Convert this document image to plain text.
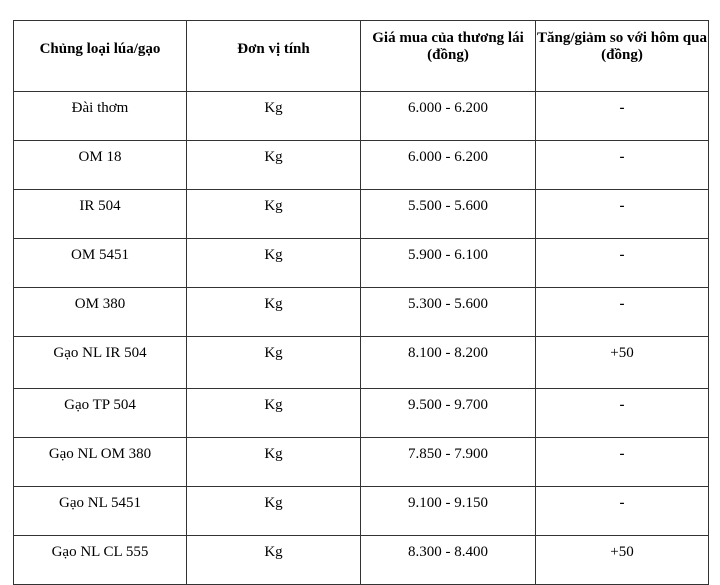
Chủng loại lúa/gạo	Đơn vị tính	Giá mua của thương lái (đồng)	Tăng/giảm so với hôm qua (đồng)
Đài thơm	Kg	6.000 - 6.200	-
OM 18	Kg	6.000 - 6.200	-
IR 504	Kg	5.500 - 5.600	-
OM 5451	Kg	5.900 - 6.100	-
OM 380	Kg	5.300 - 5.600	-
Gạo NL IR 504	Kg	8.100 - 8.200	+50
Gạo TP 504	Kg	9.500 - 9.700	-
Gạo NL OM 380	Kg	7.850 - 7.900	-
Gạo NL 5451	Kg	9.100 - 9.150	-
Gạo NL CL 555	Kg	8.300 - 8.400	+50
